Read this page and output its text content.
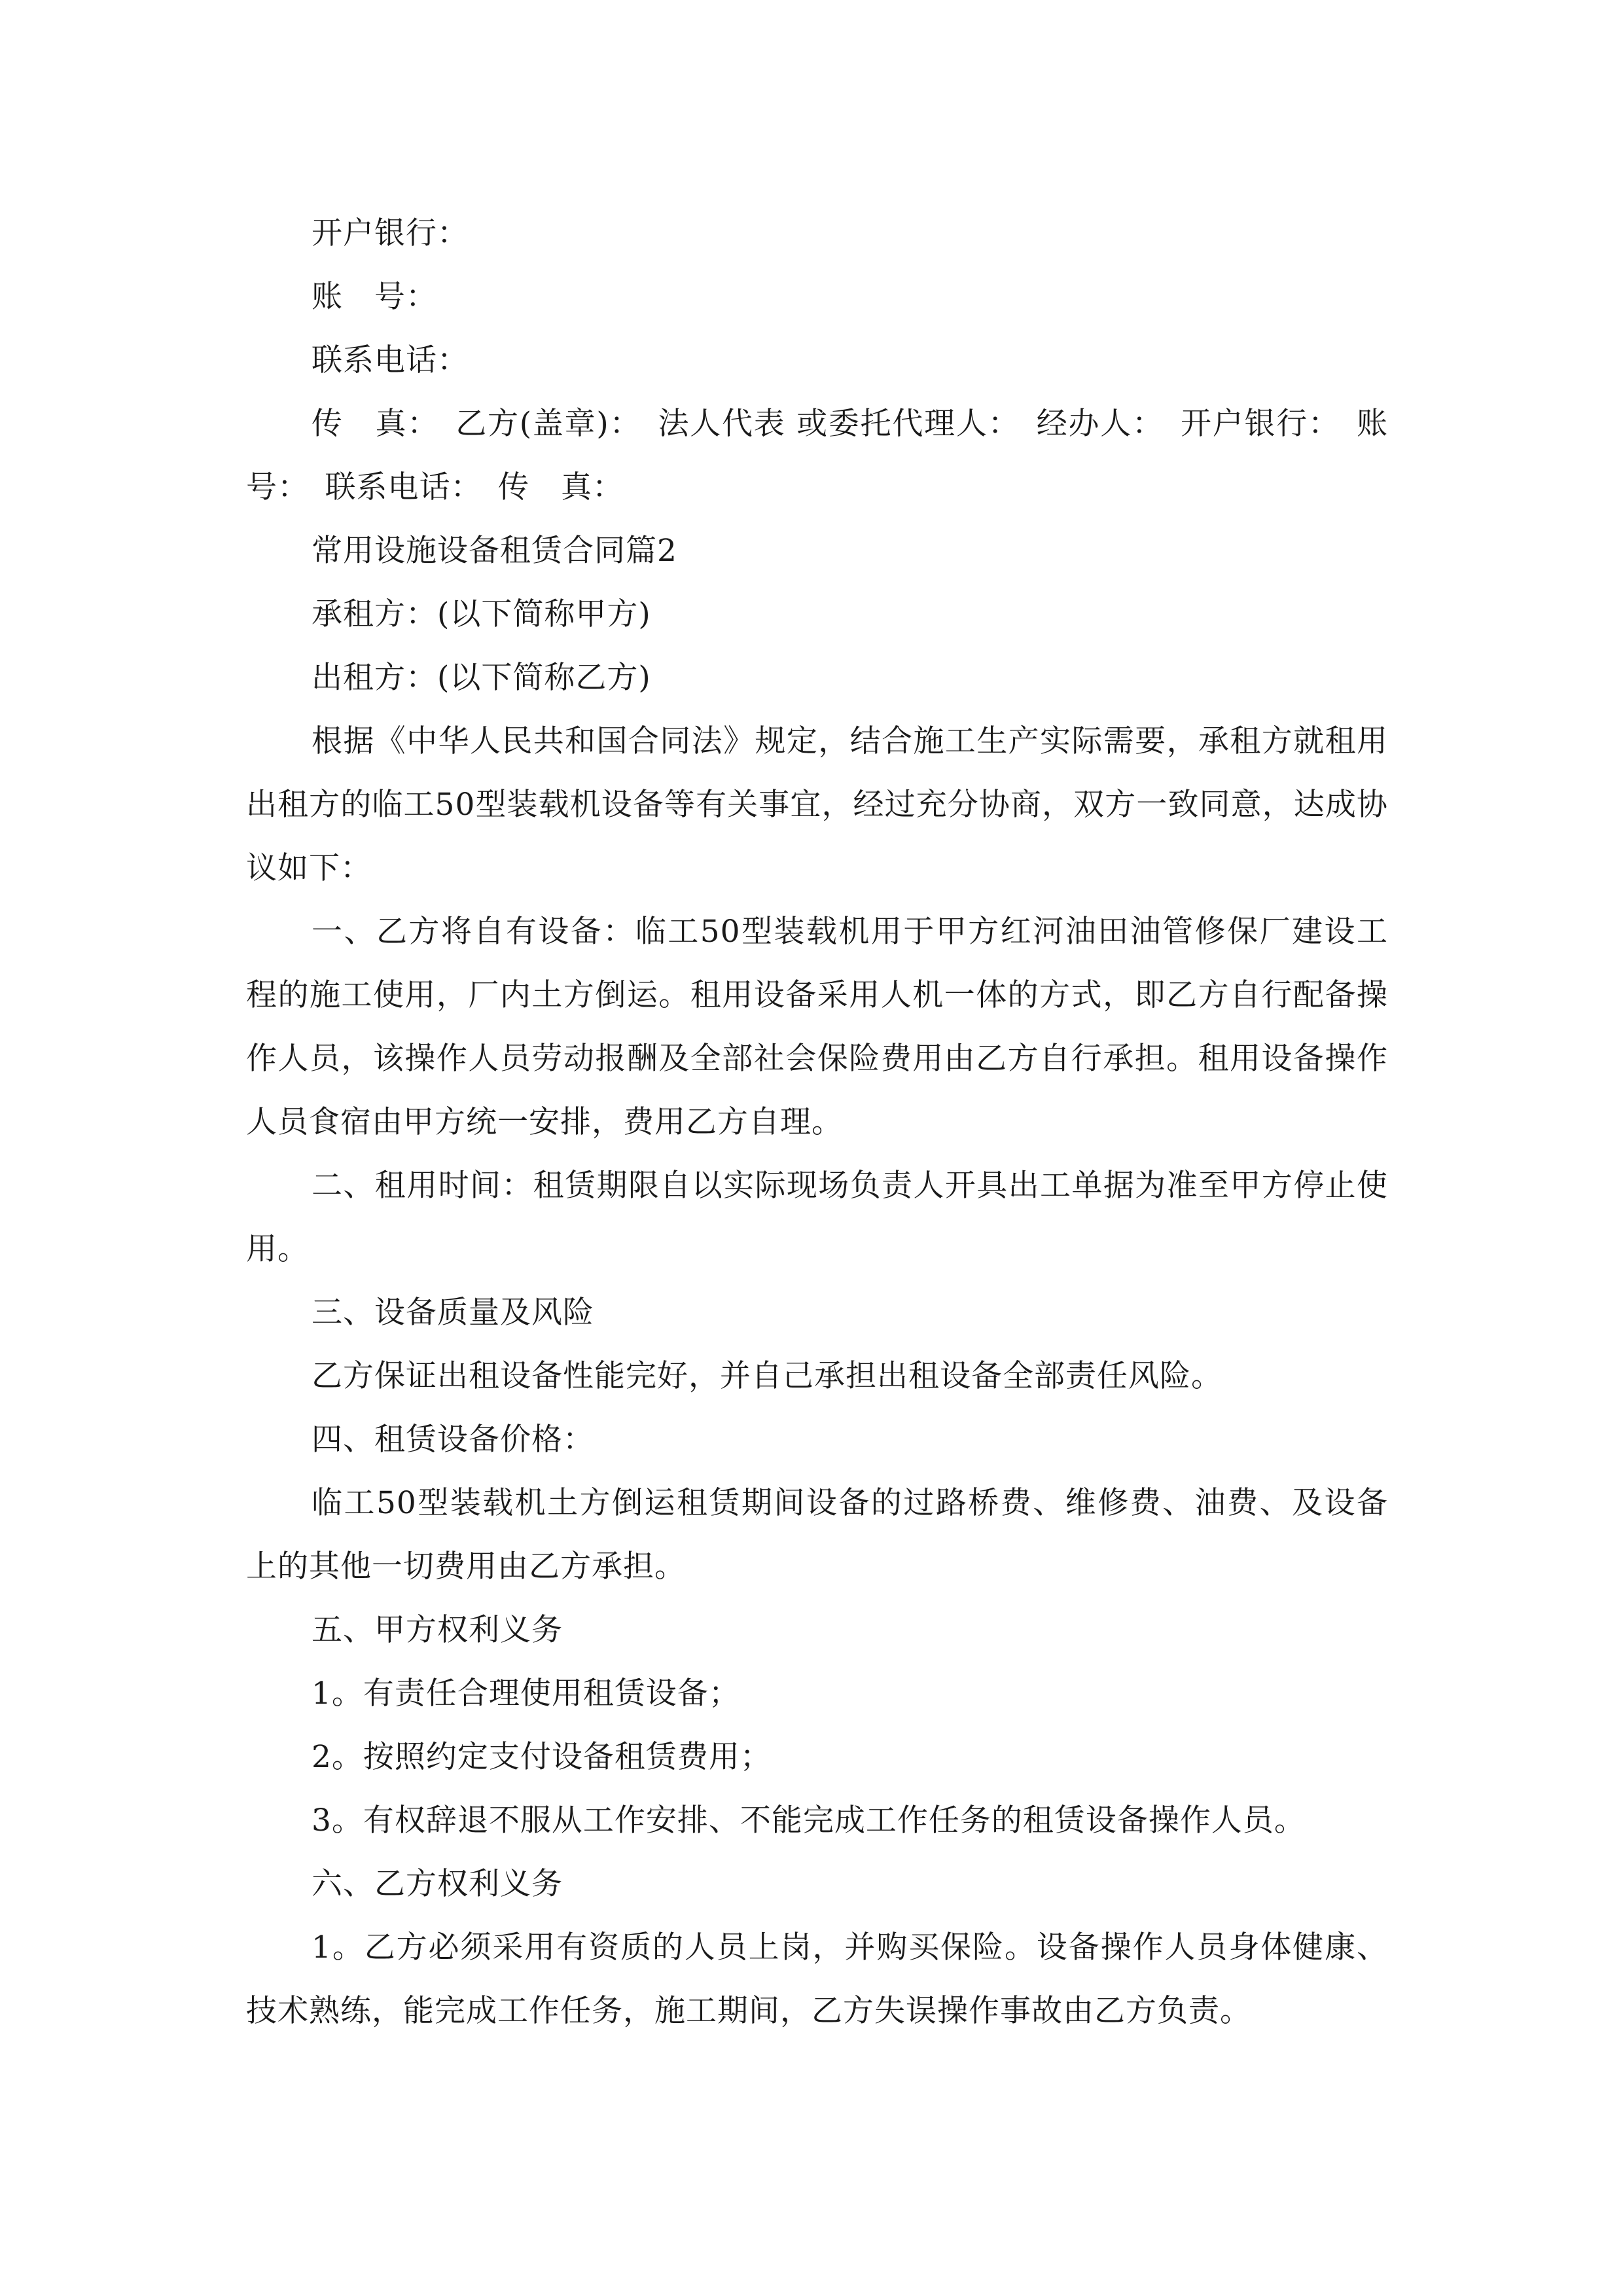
开户银行：

账　号：

联系电话：

传　真：　乙方(盖章)：　法人代表 或委托代理人：　经办人：　开户银行：　账号：　联系电话：　传　真：

常用设施设备租赁合同篇2

承租方：(以下简称甲方)

出租方：(以下简称乙方)

根据《中华人民共和国合同法》规定，结合施工生产实际需要，承租方就租用出租方的临工50型装载机设备等有关事宜，经过充分协商，双方一致同意，达成协议如下：

一、乙方将自有设备：临工50型装载机用于甲方红河油田油管修保厂建设工程的施工使用，厂内土方倒运。租用设备采用人机一体的方式，即乙方自行配备操作人员，该操作人员劳动报酬及全部社会保险费用由乙方自行承担。租用设备操作人员食宿由甲方统一安排，费用乙方自理。

二、租用时间：租赁期限自以实际现场负责人开具出工单据为准至甲方停止使用。

三、设备质量及风险

乙方保证出租设备性能完好，并自己承担出租设备全部责任风险。

四、租赁设备价格：

临工50型装载机土方倒运租赁期间设备的过路桥费、维修费、油费、及设备上的其他一切费用由乙方承担。

五、甲方权利义务

1。有责任合理使用租赁设备；

2。按照约定支付设备租赁费用；

3。有权辞退不服从工作安排、不能完成工作任务的租赁设备操作人员。

六、乙方权利义务

1。乙方必须采用有资质的人员上岗，并购买保险。设备操作人员身体健康、技术熟练，能完成工作任务，施工期间，乙方失误操作事故由乙方负责。
